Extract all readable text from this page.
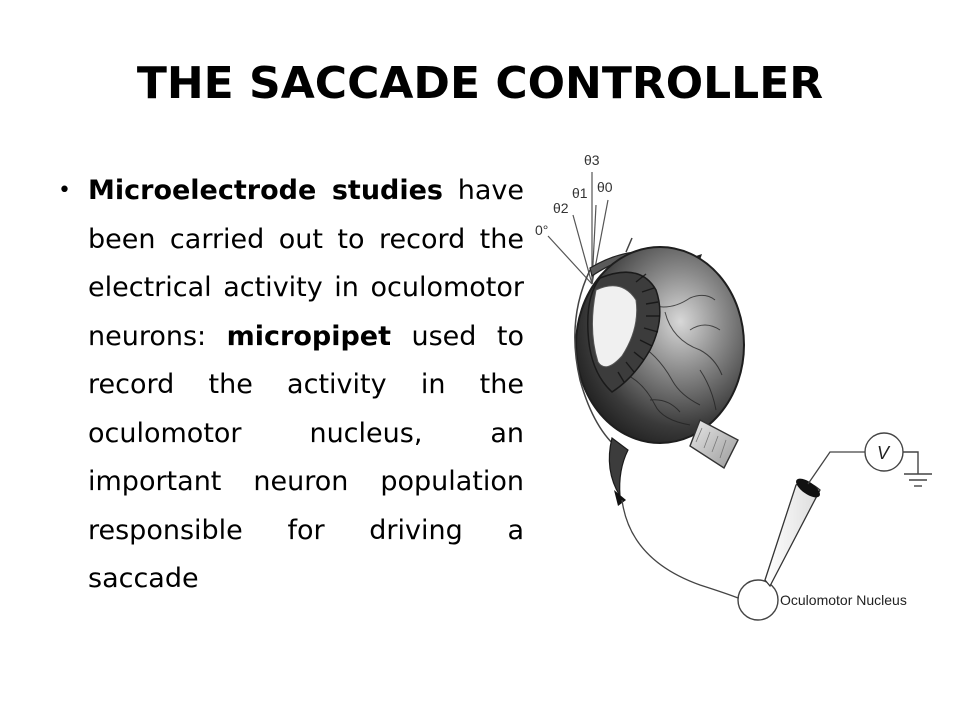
THE SACCADE CONTROLLER
• Microelectrode studies have been carried out to record the electrical activity in oculomotor neurons: micropipet used to record the activity in the oculomotor nucleus, an important neuron population responsible for driving a saccade
θ3
θ2
θ1 θ0
0°
Oculomotor Nucleus
V
